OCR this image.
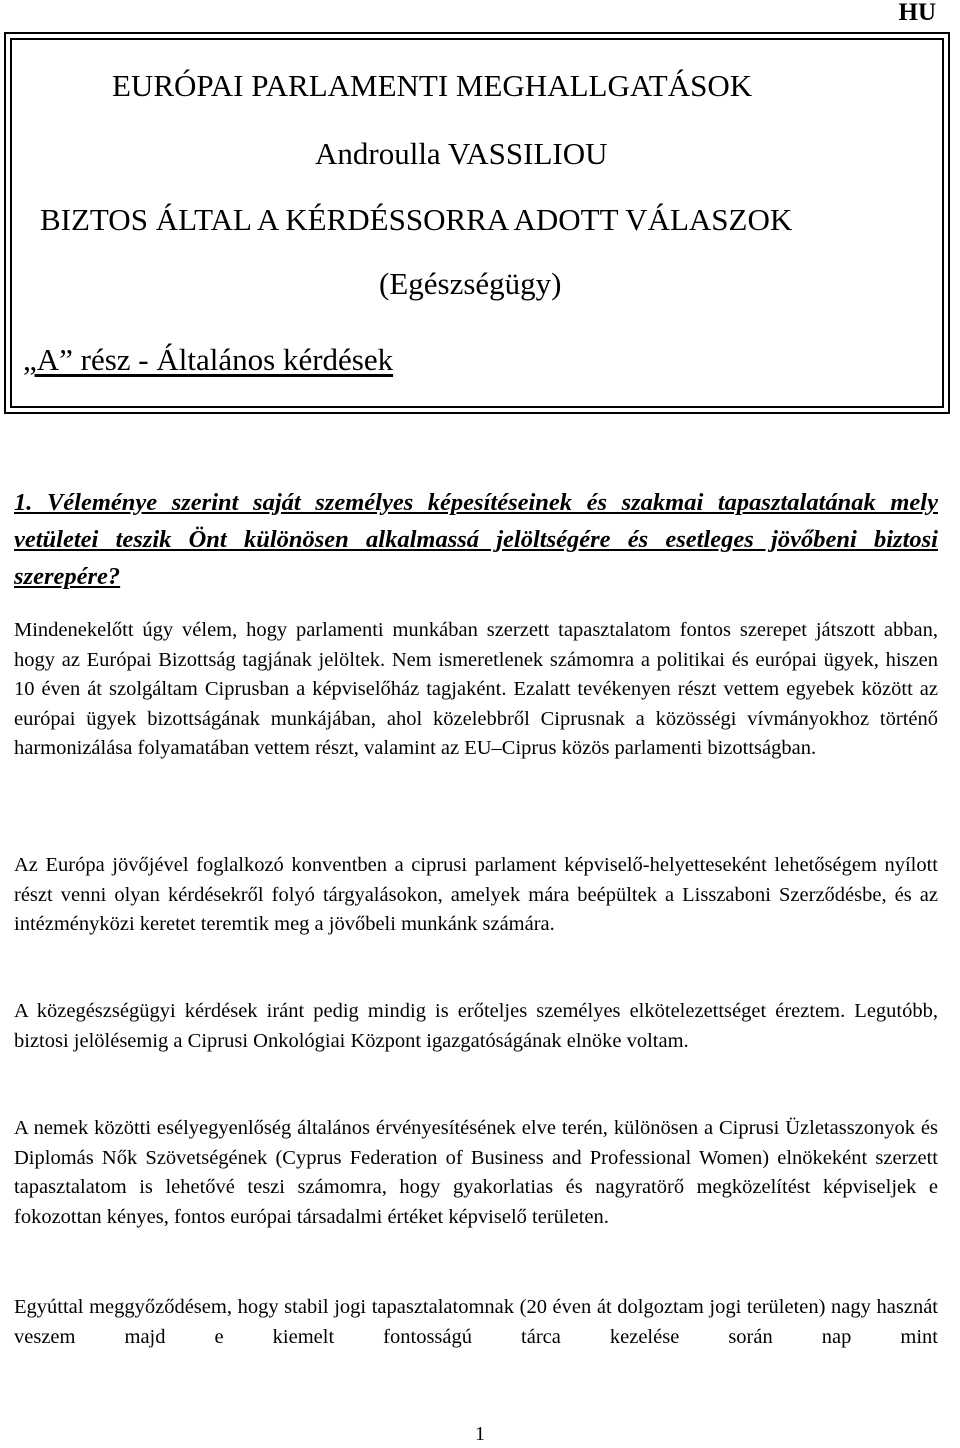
HU
EURÓPAI PARLAMENTI MEGHALLGATÁSOK
Androulla VASSILIOU
BIZTOS ÁLTAL A KÉRDÉSSORRA ADOTT VÁLASZOK
(Egészségügy)
„A” rész - Általános kérdések
1. Véleménye szerint saját személyes képesítéseinek és szakmai tapasztalatának mely vetületei teszik Önt különösen alkalmassá jelöltségére és esetleges jövőbeni biztosi szerepére?

Mindenekelőtt úgy vélem, hogy parlamenti munkában szerzett tapasztalatom fontos szerepet játszott abban, hogy az Európai Bizottság tagjának jelöltek. Nem ismeretlenek számomra a politikai és európai ügyek, hiszen 10 éven át szolgáltam Ciprusban a képviselőház tagjaként. Ezalatt tevékenyen részt vettem egyebek között az európai ügyek bizottságának munkájában, ahol közelebbről Ciprusnak a közösségi vívmányokhoz történő harmonizálása folyamatában vettem részt, valamint az EU–Ciprus közös parlamenti bizottságban.

Az Európa jövőjével foglalkozó konventben a ciprusi parlament képviselő-helyetteseként lehetőségem nyílott részt venni olyan kérdésekről folyó tárgyalásokon, amelyek mára beépültek a Lisszaboni Szerződésbe, és az intézményközi keretet teremtik meg a jövőbeli munkánk számára.

A közegészségügyi kérdések iránt pedig mindig is erőteljes személyes elkötelezettséget éreztem. Legutóbb, biztosi jelölésemig a Ciprusi Onkológiai Központ igazgatóságának elnöke voltam.

A nemek közötti esélyegyenlőség általános érvényesítésének elve terén, különösen a Ciprusi Üzletasszonyok és Diplomás Nők Szövetségének (Cyprus Federation of Business and Professional Women) elnökeként szerzett tapasztalatom is lehetővé teszi számomra, hogy gyakorlatias és nagyratörő megközelítést képviseljek e fokozottan kényes, fontos európai társadalmi értéket képviselő területen.

Egyúttal meggyőződésem, hogy stabil jogi tapasztalatomnak (20 éven át dolgoztam jogi területen) nagy hasznát veszem majd e kiemelt fontosságú tárca kezelése során nap mint

1
